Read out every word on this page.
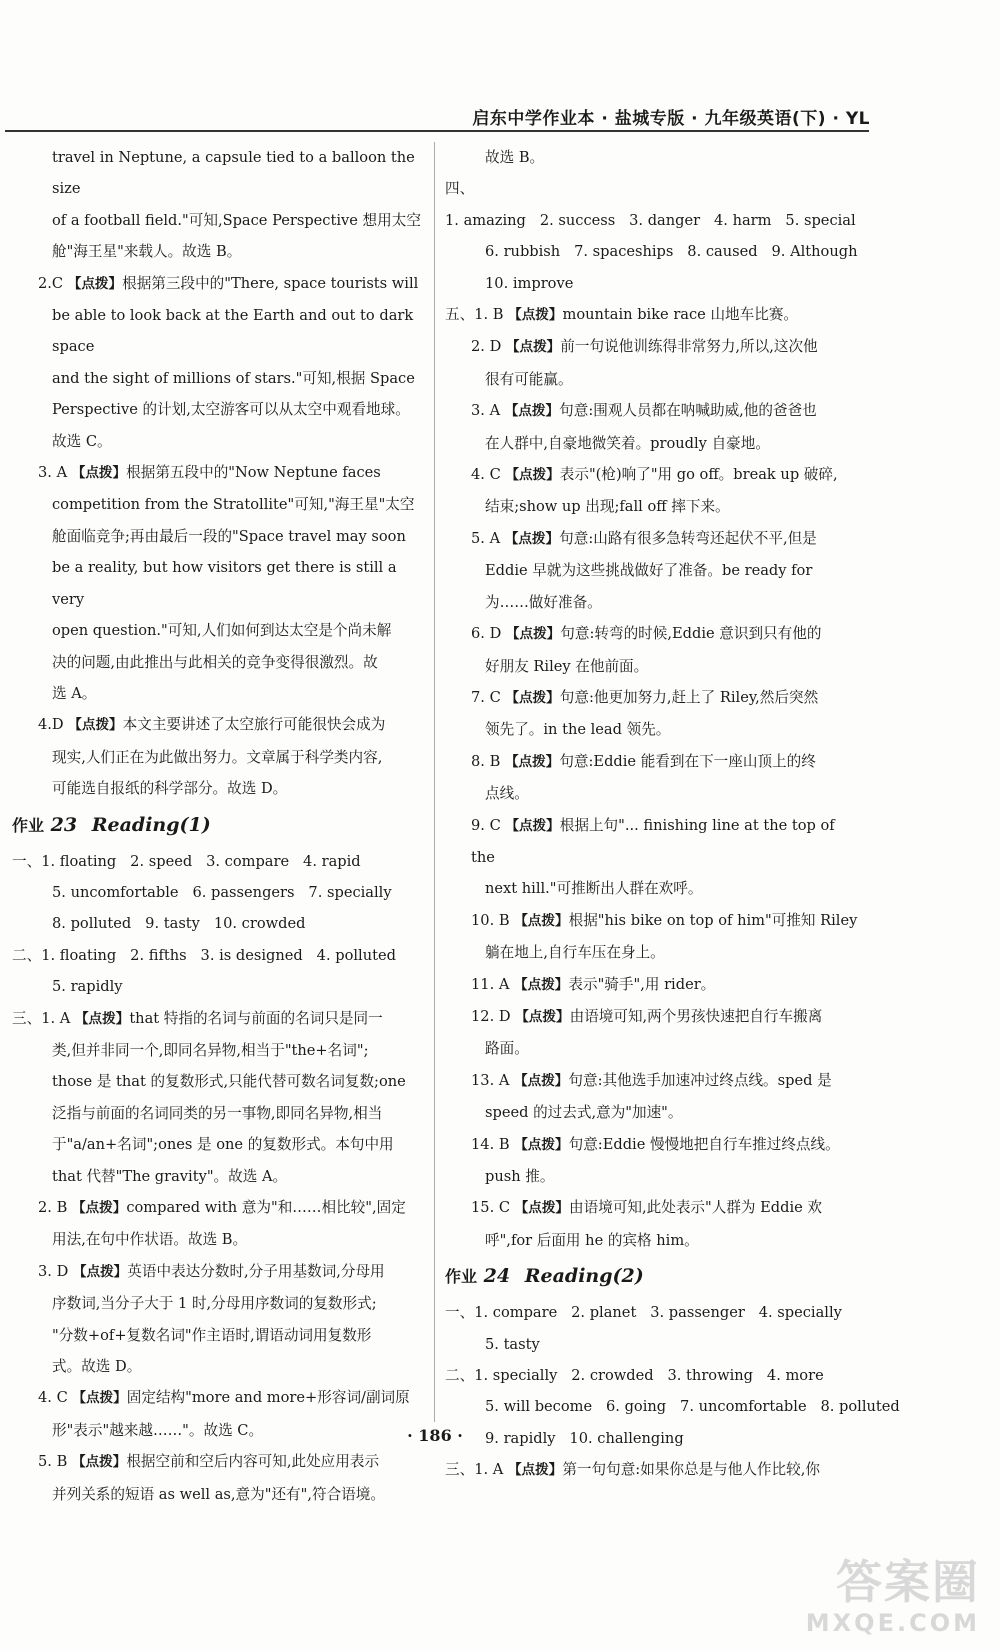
启东中学作业本 · 盐城专版 · 九年级英语(下) · YL
travel in Neptune, a capsule tied to a balloon the size
of a football field."可知,Space Perspective 想用太空
舱"海王星"来载人。故选 B。
2.C 【点拨】根据第三段中的"There, space tourists will
be able to look back at the Earth and out to dark space
and the sight of millions of stars."可知,根据 Space
Perspective 的计划,太空游客可以从太空中观看地球。
故选 C。
3. A 【点拨】根据第五段中的"Now Neptune faces
competition from the Stratollite"可知,"海王星"太空
舱面临竞争;再由最后一段的"Space travel may soon
be a reality, but how visitors get there is still a very
open question."可知,人们如何到达太空是个尚未解
决的问题,由此推出与此相关的竞争变得很激烈。故
选 A。
4.D 【点拨】本文主要讲述了太空旅行可能很快会成为
现实,人们正在为此做出努力。文章属于科学类内容,
可能选自报纸的科学部分。故选 D。
作业 23 Reading(1)
一、1. floating   2. speed   3. compare   4. rapid
5. uncomfortable   6. passengers   7. specially
8. polluted   9. tasty   10. crowded
二、1. floating   2. fifths   3. is designed   4. polluted
5. rapidly
三、1. A 【点拨】that 特指的名词与前面的名词只是同一
类,但并非同一个,即同名异物,相当于"the+名词";
those 是 that 的复数形式,只能代替可数名词复数;one
泛指与前面的名词同类的另一事物,即同名异物,相当
于"a/an+名词";ones 是 one 的复数形式。本句中用
that 代替"The gravity"。故选 A。
2. B 【点拨】compared with 意为"和……相比较",固定
用法,在句中作状语。故选 B。
3. D 【点拨】英语中表达分数时,分子用基数词,分母用
序数词,当分子大于 1 时,分母用序数词的复数形式;
"分数+of+复数名词"作主语时,谓语动词用复数形
式。故选 D。
4. C 【点拨】固定结构"more and more+形容词/副词原
形"表示"越来越……"。故选 C。
5. B 【点拨】根据空前和空后内容可知,此处应用表示
并列关系的短语 as well as,意为"还有",符合语境。
故选 B。
四、1. amazing   2. success   3. danger   4. harm   5. special
6. rubbish   7. spaceships   8. caused   9. Although
10. improve
五、1. B 【点拨】mountain bike race 山地车比赛。
2. D 【点拨】前一句说他训练得非常努力,所以,这次他
很有可能赢。
3. A 【点拨】句意:围观人员都在呐喊助威,他的爸爸也
在人群中,自豪地微笑着。proudly 自豪地。
4. C 【点拨】表示"(枪)响了"用 go off。break up 破碎,
结束;show up 出现;fall off 摔下来。
5. A 【点拨】句意:山路有很多急转弯还起伏不平,但是
Eddie 早就为这些挑战做好了准备。be ready for
为……做好准备。
6. D 【点拨】句意:转弯的时候,Eddie 意识到只有他的
好朋友 Riley 在他前面。
7. C 【点拨】句意:他更加努力,赶上了 Riley,然后突然
领先了。in the lead 领先。
8. B 【点拨】句意:Eddie 能看到在下一座山顶上的终
点线。
9. C 【点拨】根据上句"... finishing line at the top of the
next hill."可推断出人群在欢呼。
10. B 【点拨】根据"his bike on top of him"可推知 Riley
躺在地上,自行车压在身上。
11. A 【点拨】表示"骑手",用 rider。
12. D 【点拨】由语境可知,两个男孩快速把自行车搬离
路面。
13. A 【点拨】句意:其他选手加速冲过终点线。sped 是
speed 的过去式,意为"加速"。
14. B 【点拨】句意:Eddie 慢慢地把自行车推过终点线。
push 推。
15. C 【点拨】由语境可知,此处表示"人群为 Eddie 欢
呼",for 后面用 he 的宾格 him。
作业 24 Reading(2)
一、1. compare   2. planet   3. passenger   4. specially
5. tasty
二、1. specially   2. crowded   3. throwing   4. more
5. will become   6. going   7. uncomfortable   8. polluted
9. rapidly   10. challenging
三、1. A 【点拨】第一句句意:如果你总是与他人作比较,你
· 186 ·
答案圈
MXQE.COM
